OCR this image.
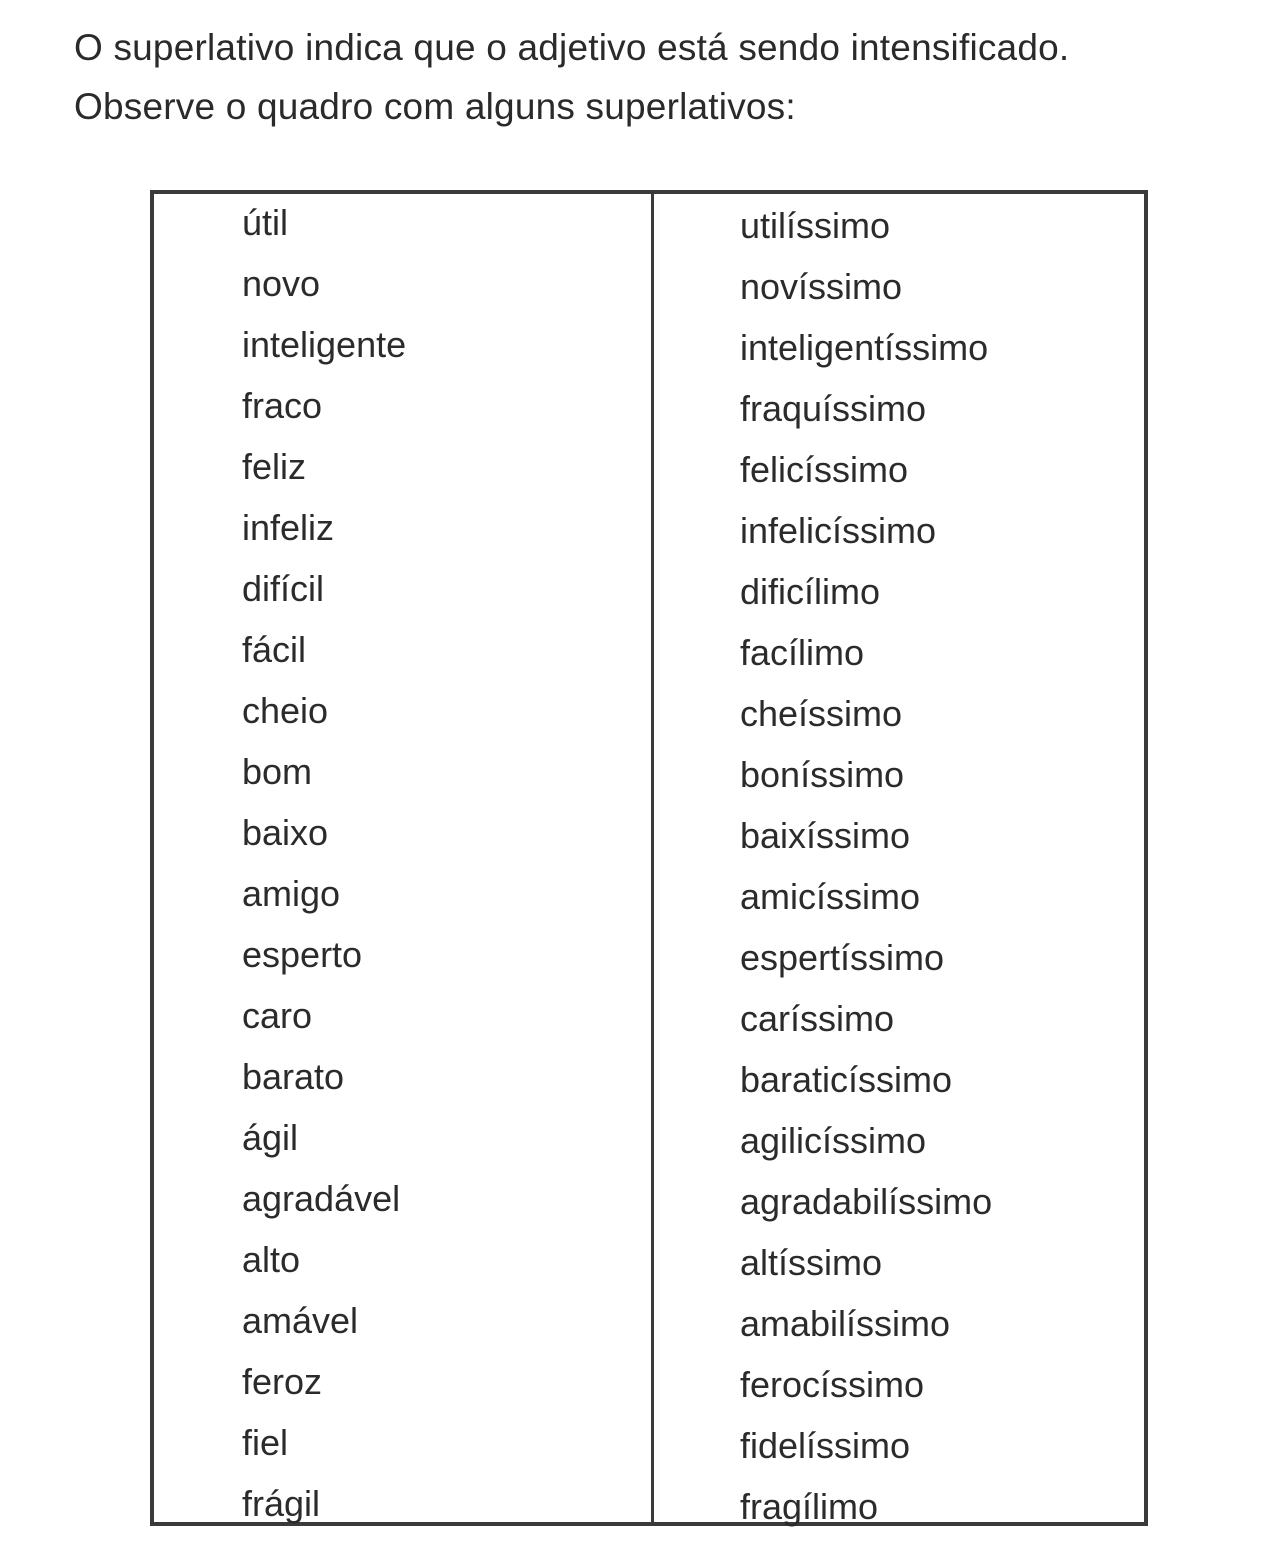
O superlativo indica que o adjetivo está sendo intensificado.

Observe o quadro com alguns superlativos:

útil
novo
inteligente
fraco
feliz
infeliz
difícil
fácil
cheio
bom
baixo
amigo
esperto
caro
barato
ágil
agradável
alto
amável
feroz
fiel
frágil
utilíssimo
novíssimo
inteligentíssimo
fraquíssimo
felicíssimo
infelicíssimo
dificílimo
facílimo
cheíssimo
boníssimo
baixíssimo
amicíssimo
espertíssimo
caríssimo
baraticíssimo
agilicíssimo
agradabilíssimo
altíssimo
amabilíssimo
ferocíssimo
fidelíssimo
fragílimo
